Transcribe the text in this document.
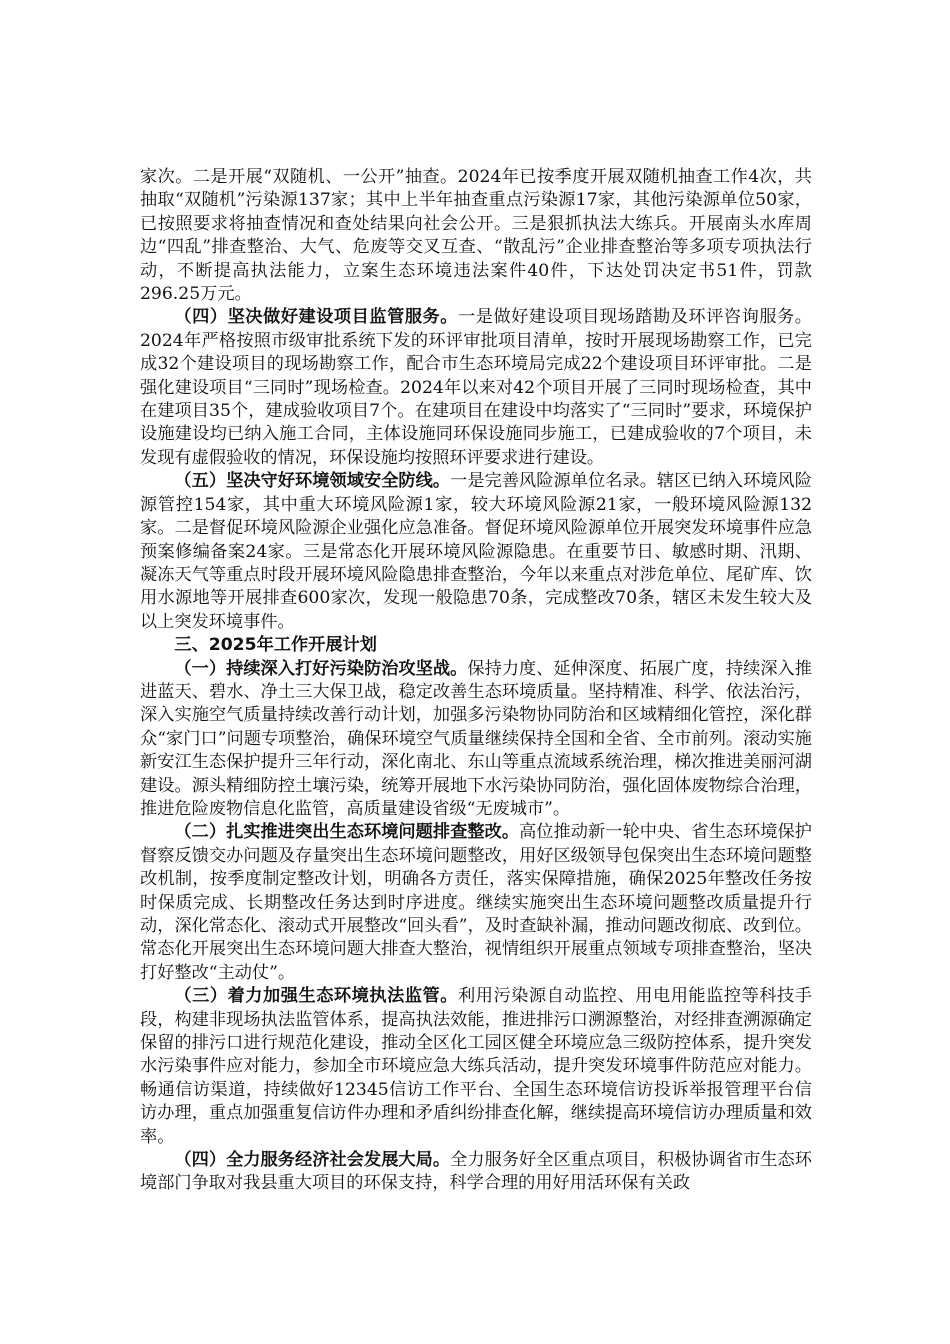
家次。二是开展“双随机、一公开”抽查。2024年已按季度开展双随机抽查工作4次，共抽取“双随机”污染源137家；其中上半年抽查重点污染源17家，其他污染源单位50家，已按照要求将抽查情况和查处结果向社会公开。三是狠抓执法大练兵。开展南头水库周边“四乱”排查整治、大气、危废等交叉互查、“散乱污”企业排查整治等多项专项执法行动，不断提高执法能力，立案生态环境违法案件40件，下达处罚决定书51件，罚款296.25万元。

（四）坚决做好建设项目监管服务。一是做好建设项目现场踏勘及环评咨询服务。2024年严格按照市级审批系统下发的环评审批项目清单，按时开展现场勘察工作，已完成32个建设项目的现场勘察工作，配合市生态环境局完成22个建设项目环评审批。二是强化建设项目“三同时”现场检查。2024年以来对42个项目开展了三同时现场检查，其中在建项目35个，建成验收项目7个。在建项目在建设中均落实了“三同时”要求，环境保护设施建设均已纳入施工合同，主体设施同环保设施同步施工，已建成验收的7个项目，未发现有虚假验收的情况，环保设施均按照环评要求进行建设。

（五）坚决守好环境领域安全防线。一是完善风险源单位名录。辖区已纳入环境风险源管控154家，其中重大环境风险源1家，较大环境风险源21家，一般环境风险源132家。二是督促环境风险源企业强化应急准备。督促环境风险源单位开展突发环境事件应急预案修编备案24家。三是常态化开展环境风险源隐患。在重要节日、敏感时期、汛期、凝冻天气等重点时段开展环境风险隐患排查整治，今年以来重点对涉危单位、尾矿库、饮用水源地等开展排查600家次，发现一般隐患70条，完成整改70条，辖区未发生较大及以上突发环境事件。

三、2025年工作开展计划

（一）持续深入打好污染防治攻坚战。保持力度、延伸深度、拓展广度，持续深入推进蓝天、碧水、净土三大保卫战，稳定改善生态环境质量。坚持精准、科学、依法治污，深入实施空气质量持续改善行动计划，加强多污染物协同防治和区域精细化管控，深化群众“家门口”问题专项整治，确保环境空气质量继续保持全国和全省、全市前列。滚动实施新安江生态保护提升三年行动，深化南北、东山等重点流域系统治理，梯次推进美丽河湖建设。源头精细防控土壤污染，统筹开展地下水污染协同防治，强化固体废物综合治理，推进危险废物信息化监管，高质量建设省级“无废城市”。

（二）扎实推进突出生态环境问题排查整改。高位推动新一轮中央、省生态环境保护督察反馈交办问题及存量突出生态环境问题整改，用好区级领导包保突出生态环境问题整改机制，按季度制定整改计划，明确各方责任，落实保障措施，确保2025年整改任务按时保质完成、长期整改任务达到时序进度。继续实施突出生态环境问题整改质量提升行动，深化常态化、滚动式开展整改“回头看”，及时查缺补漏，推动问题改彻底、改到位。常态化开展突出生态环境问题大排查大整治，视情组织开展重点领域专项排查整治，坚决打好整改“主动仗”。

（三）着力加强生态环境执法监管。利用污染源自动监控、用电用能监控等科技手段，构建非现场执法监管体系，提高执法效能，推进排污口溯源整治，对经排查溯源确定保留的排污口进行规范化建设，推动全区化工园区健全环境应急三级防控体系，提升突发水污染事件应对能力，参加全市环境应急大练兵活动，提升突发环境事件防范应对能力。畅通信访渠道，持续做好12345信访工作平台、全国生态环境信访投诉举报管理平台信访办理，重点加强重复信访件办理和矛盾纠纷排查化解，继续提高环境信访办理质量和效率。

（四）全力服务经济社会发展大局。全力服务好全区重点项目，积极协调省市生态环境部门争取对我县重大项目的环保支持，科学合理的用好用活环保有关政
